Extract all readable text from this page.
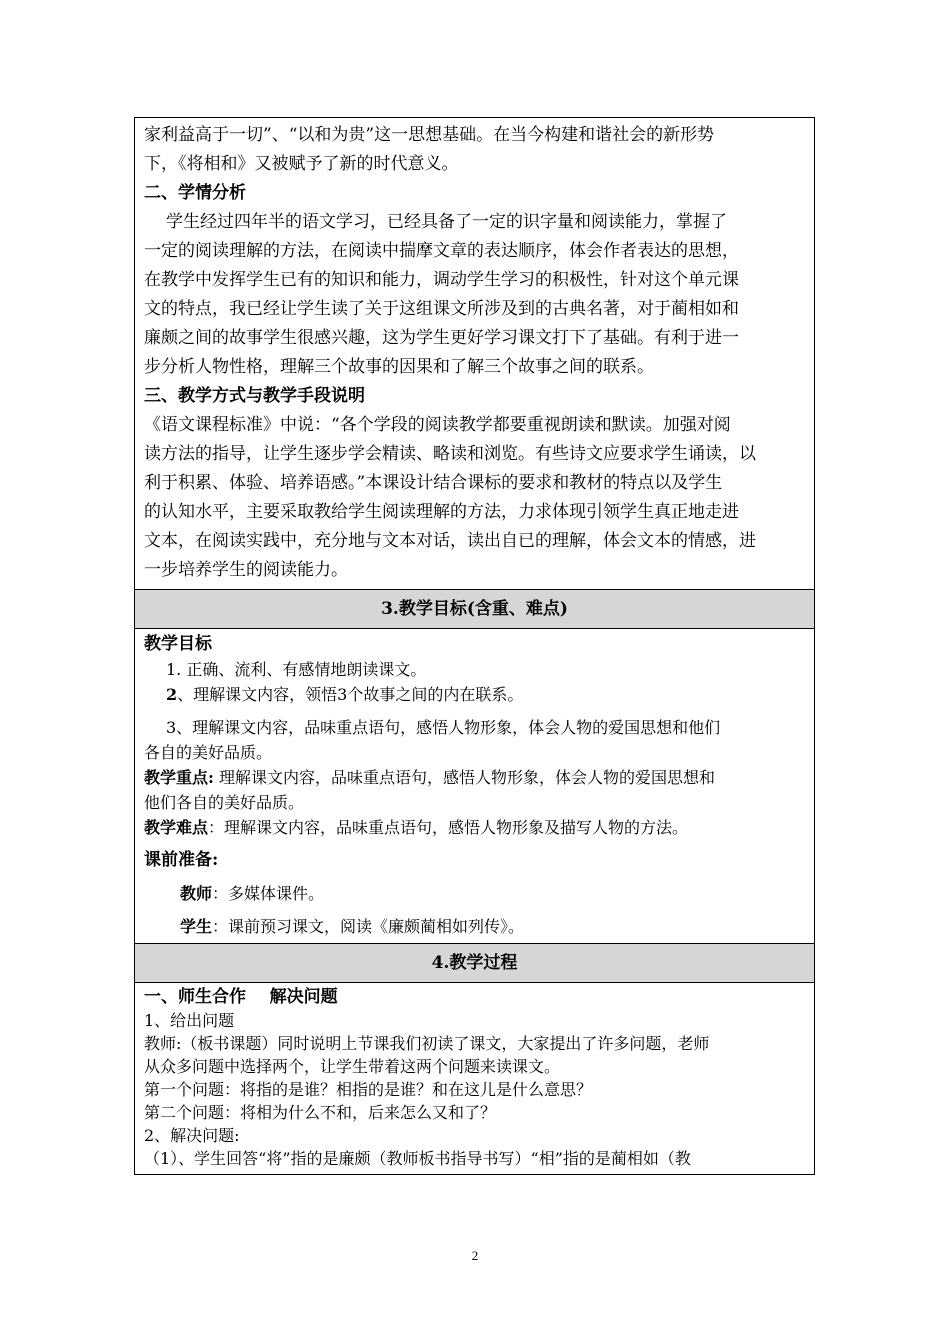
家利益高于一切”、“以和为贵”这一思想基础。在当今构建和谐社会的新形势

下，《将相和》又被赋予了新的时代意义。

二、学情分析

学生经过四年半的语文学习，已经具备了一定的识字量和阅读能力，掌握了

一定的阅读理解的方法，在阅读中揣摩文章的表达顺序，体会作者表达的思想，

在教学中发挥学生已有的知识和能力，调动学生学习的积极性，针对这个单元课

文的特点，我已经让学生读了关于这组课文所涉及到的古典名著，对于蔺相如和

廉颇之间的故事学生很感兴趣，这为学生更好学习课文打下了基础。有利于进一

步分析人物性格，理解三个故事的因果和了解三个故事之间的联系。

三、教学方式与教学手段说明

《语文课程标准》中说：“各个学段的阅读教学都要重视朗读和默读。加强对阅

读方法的指导，让学生逐步学会精读、略读和浏览。有些诗文应要求学生诵读，以

利于积累、体验、培养语感。”本课设计结合课标的要求和教材的特点以及学生

的认知水平，主要采取教给学生阅读理解的方法，力求体现引领学生真正地走进

文本，在阅读实践中，充分地与文本对话，读出自已的理解，体会文本的情感，进

一步培养学生的阅读能力。

3.教学目标(含重、难点)

教学目标

1. 正确、流利、有感情地朗读课文。

2、理解课文内容，领悟3个故事之间的内在联系。

3、理解课文内容，品味重点语句，感悟人物形象，体会人物的爱国思想和他们

各自的美好品质。

教学重点: 理解课文内容，品味重点语句，感悟人物形象，体会人物的爱国思想和

他们各自的美好品质。

教学难点：理解课文内容，品味重点语句，感悟人物形象及描写人物的方法。

课前准备:

教师：多媒体课件。

学生：课前预习课文，阅读《廉颇蔺相如列传》。

4.教学过程

一、师生合作    解决问题

1、给出问题

教师:（板书课题）同时说明上节课我们初读了课文，大家提出了许多问题，老师

从众多问题中选择两个，让学生带着这两个问题来读课文。

第一个问题：将指的是谁？相指的是谁？和在这儿是什么意思？

第二个问题：将相为什么不和，后来怎么又和了？

2、解决问题:

（1）、学生回答“将”指的是廉颇（教师板书指导书写）“相”指的是蔺相如（教

2
